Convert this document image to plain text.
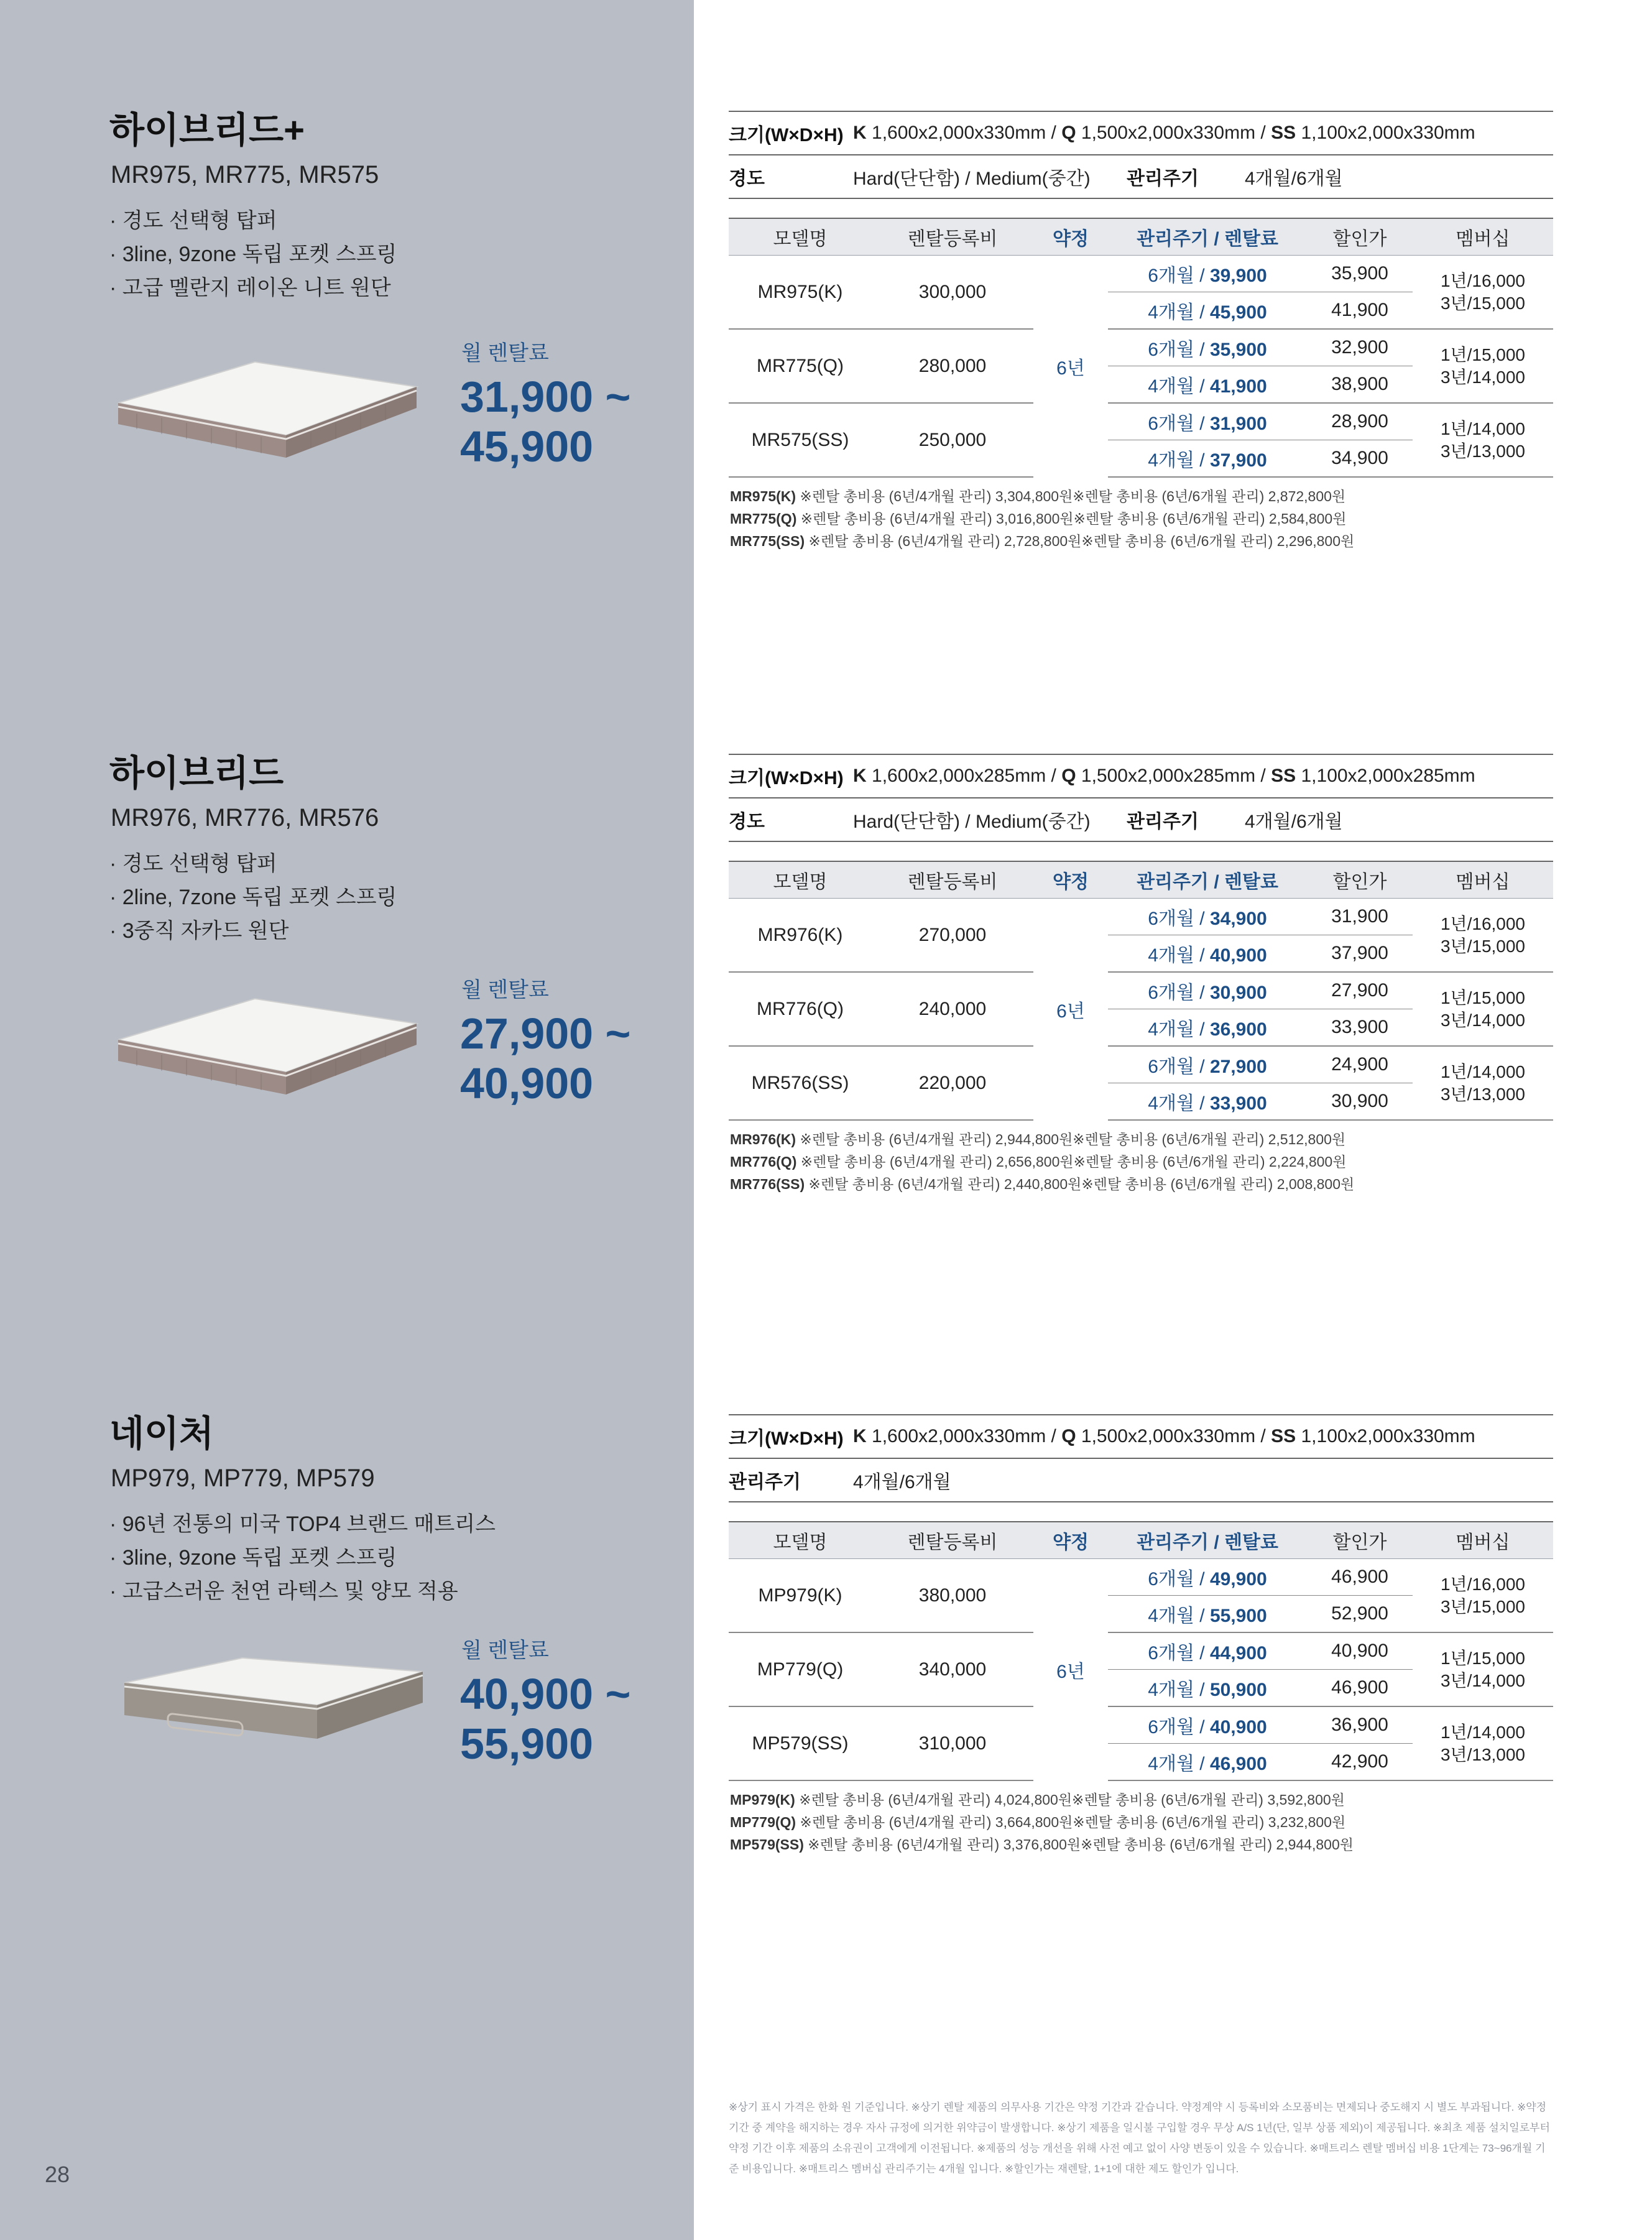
하이브리드+
MR975, MR775, MR575
· 경도 선택형 탑퍼
· 3line, 9zone 독립 포켓 스프링
· 고급 멜란지 레이온 니트 원단
월 렌탈료
31,900 ~
45,900
크기(W×D×H) K 1,600x2,000x330mm / Q 1,500x2,000x330mm / SS 1,100x2,000x330mm
경도	Hard(단단함) / Medium(중간)	관리주기	4개월/6개월
모델명	렌탈등록비	약정	관리주기 / 렌탈료	할인가	멤버십
MR975(K)	300,000	6년	6개월 / 39,900	35,900	1년/16,000
3년/15,000

			4개월 / 45,900	41,900	
MR775(Q)	280,000		6개월 / 35,900	32,900	1년/15,000
3년/14,000

			4개월 / 41,900	38,900	
MR575(SS)	250,000		6개월 / 31,900	28,900	1년/14,000
3년/13,000

			4개월 / 37,900	34,900	
MR975(K) ※렌탈 총비용 (6년/4개월 관리) 3,304,800원※렌탈 총비용 (6년/6개월 관리) 2,872,800원
MR775(Q) ※렌탈 총비용 (6년/4개월 관리) 3,016,800원※렌탈 총비용 (6년/6개월 관리) 2,584,800원
MR775(SS) ※렌탈 총비용 (6년/4개월 관리) 2,728,800원※렌탈 총비용 (6년/6개월 관리) 2,296,800원
하이브리드
MR976, MR776, MR576
· 경도 선택형 탑퍼
· 2line, 7zone 독립 포켓 스프링
· 3중직 자카드 원단
월 렌탈료
27,900 ~
40,900
크기(W×D×H) K 1,600x2,000x285mm / Q 1,500x2,000x285mm / SS 1,100x2,000x285mm
경도	Hard(단단함) / Medium(중간)	관리주기	4개월/6개월
모델명	렌탈등록비	약정	관리주기 / 렌탈료	할인가	멤버십
MR976(K)	270,000	6년	6개월 / 34,900	31,900	1년/16,000
3년/15,000

			4개월 / 40,900	37,900	
MR776(Q)	240,000		6개월 / 30,900	27,900	1년/15,000
3년/14,000

			4개월 / 36,900	33,900	
MR576(SS)	220,000		6개월 / 27,900	24,900	1년/14,000
3년/13,000

			4개월 / 33,900	30,900	
MR976(K) ※렌탈 총비용 (6년/4개월 관리) 2,944,800원※렌탈 총비용 (6년/6개월 관리) 2,512,800원
MR776(Q) ※렌탈 총비용 (6년/4개월 관리) 2,656,800원※렌탈 총비용 (6년/6개월 관리) 2,224,800원
MR776(SS) ※렌탈 총비용 (6년/4개월 관리) 2,440,800원※렌탈 총비용 (6년/6개월 관리) 2,008,800원
네이처
MP979, MP779, MP579
· 96년 전통의 미국 TOP4 브랜드 매트리스
· 3line, 9zone 독립 포켓 스프링
· 고급스러운 천연 라텍스 및 양모 적용
월 렌탈료
40,900 ~
55,900
크기(W×D×H) K 1,600x2,000x330mm / Q 1,500x2,000x330mm / SS 1,100x2,000x330mm
관리주기	4개월/6개월
모델명	렌탈등록비	약정	관리주기 / 렌탈료	할인가	멤버십
MP979(K)	380,000	6년	6개월 / 49,900	46,900	1년/16,000
3년/15,000

			4개월 / 55,900	52,900	
MP779(Q)	340,000		6개월 / 44,900	40,900	1년/15,000
3년/14,000

			4개월 / 50,900	46,900	
MP579(SS)	310,000		6개월 / 40,900	36,900	1년/14,000
3년/13,000

			4개월 / 46,900	42,900	
MP979(K) ※렌탈 총비용 (6년/4개월 관리) 4,024,800원※렌탈 총비용 (6년/6개월 관리) 3,592,800원
MP779(Q) ※렌탈 총비용 (6년/4개월 관리) 3,664,800원※렌탈 총비용 (6년/6개월 관리) 3,232,800원
MP579(SS) ※렌탈 총비용 (6년/4개월 관리) 3,376,800원※렌탈 총비용 (6년/6개월 관리) 2,944,800원
※상기 표시 가격은 한화 원 기준입니다. ※상기 렌탈 제품의 의무사용 기간은 약정 기간과 같습니다. 약정계약 시 등록비와 소모품비는 면제되나 중도해지 시 별도 부과됩니다. ※약정 기간 중 계약을 해지하는 경우 자사 규정에 의거한 위약금이 발생합니다. ※상기 제품을 일시불 구입할 경우 무상 A/S 1년(단, 일부 상품 제외)이 제공됩니다. ※최초 제품 설치일로부터 약정 기간 이후 제품의 소유권이 고객에게 이전됩니다. ※제품의 성능 개선을 위해 사전 예고 없이 사양 변동이 있을 수 있습니다. ※매트리스 렌탈 멤버십 비용 1단계는 73~96개월 기준 비용입니다. ※매트리스 멤버십 관리주기는 4개월 입니다. ※할인가는 재렌탈, 1+1에 대한 제도 할인가 입니다.
28
